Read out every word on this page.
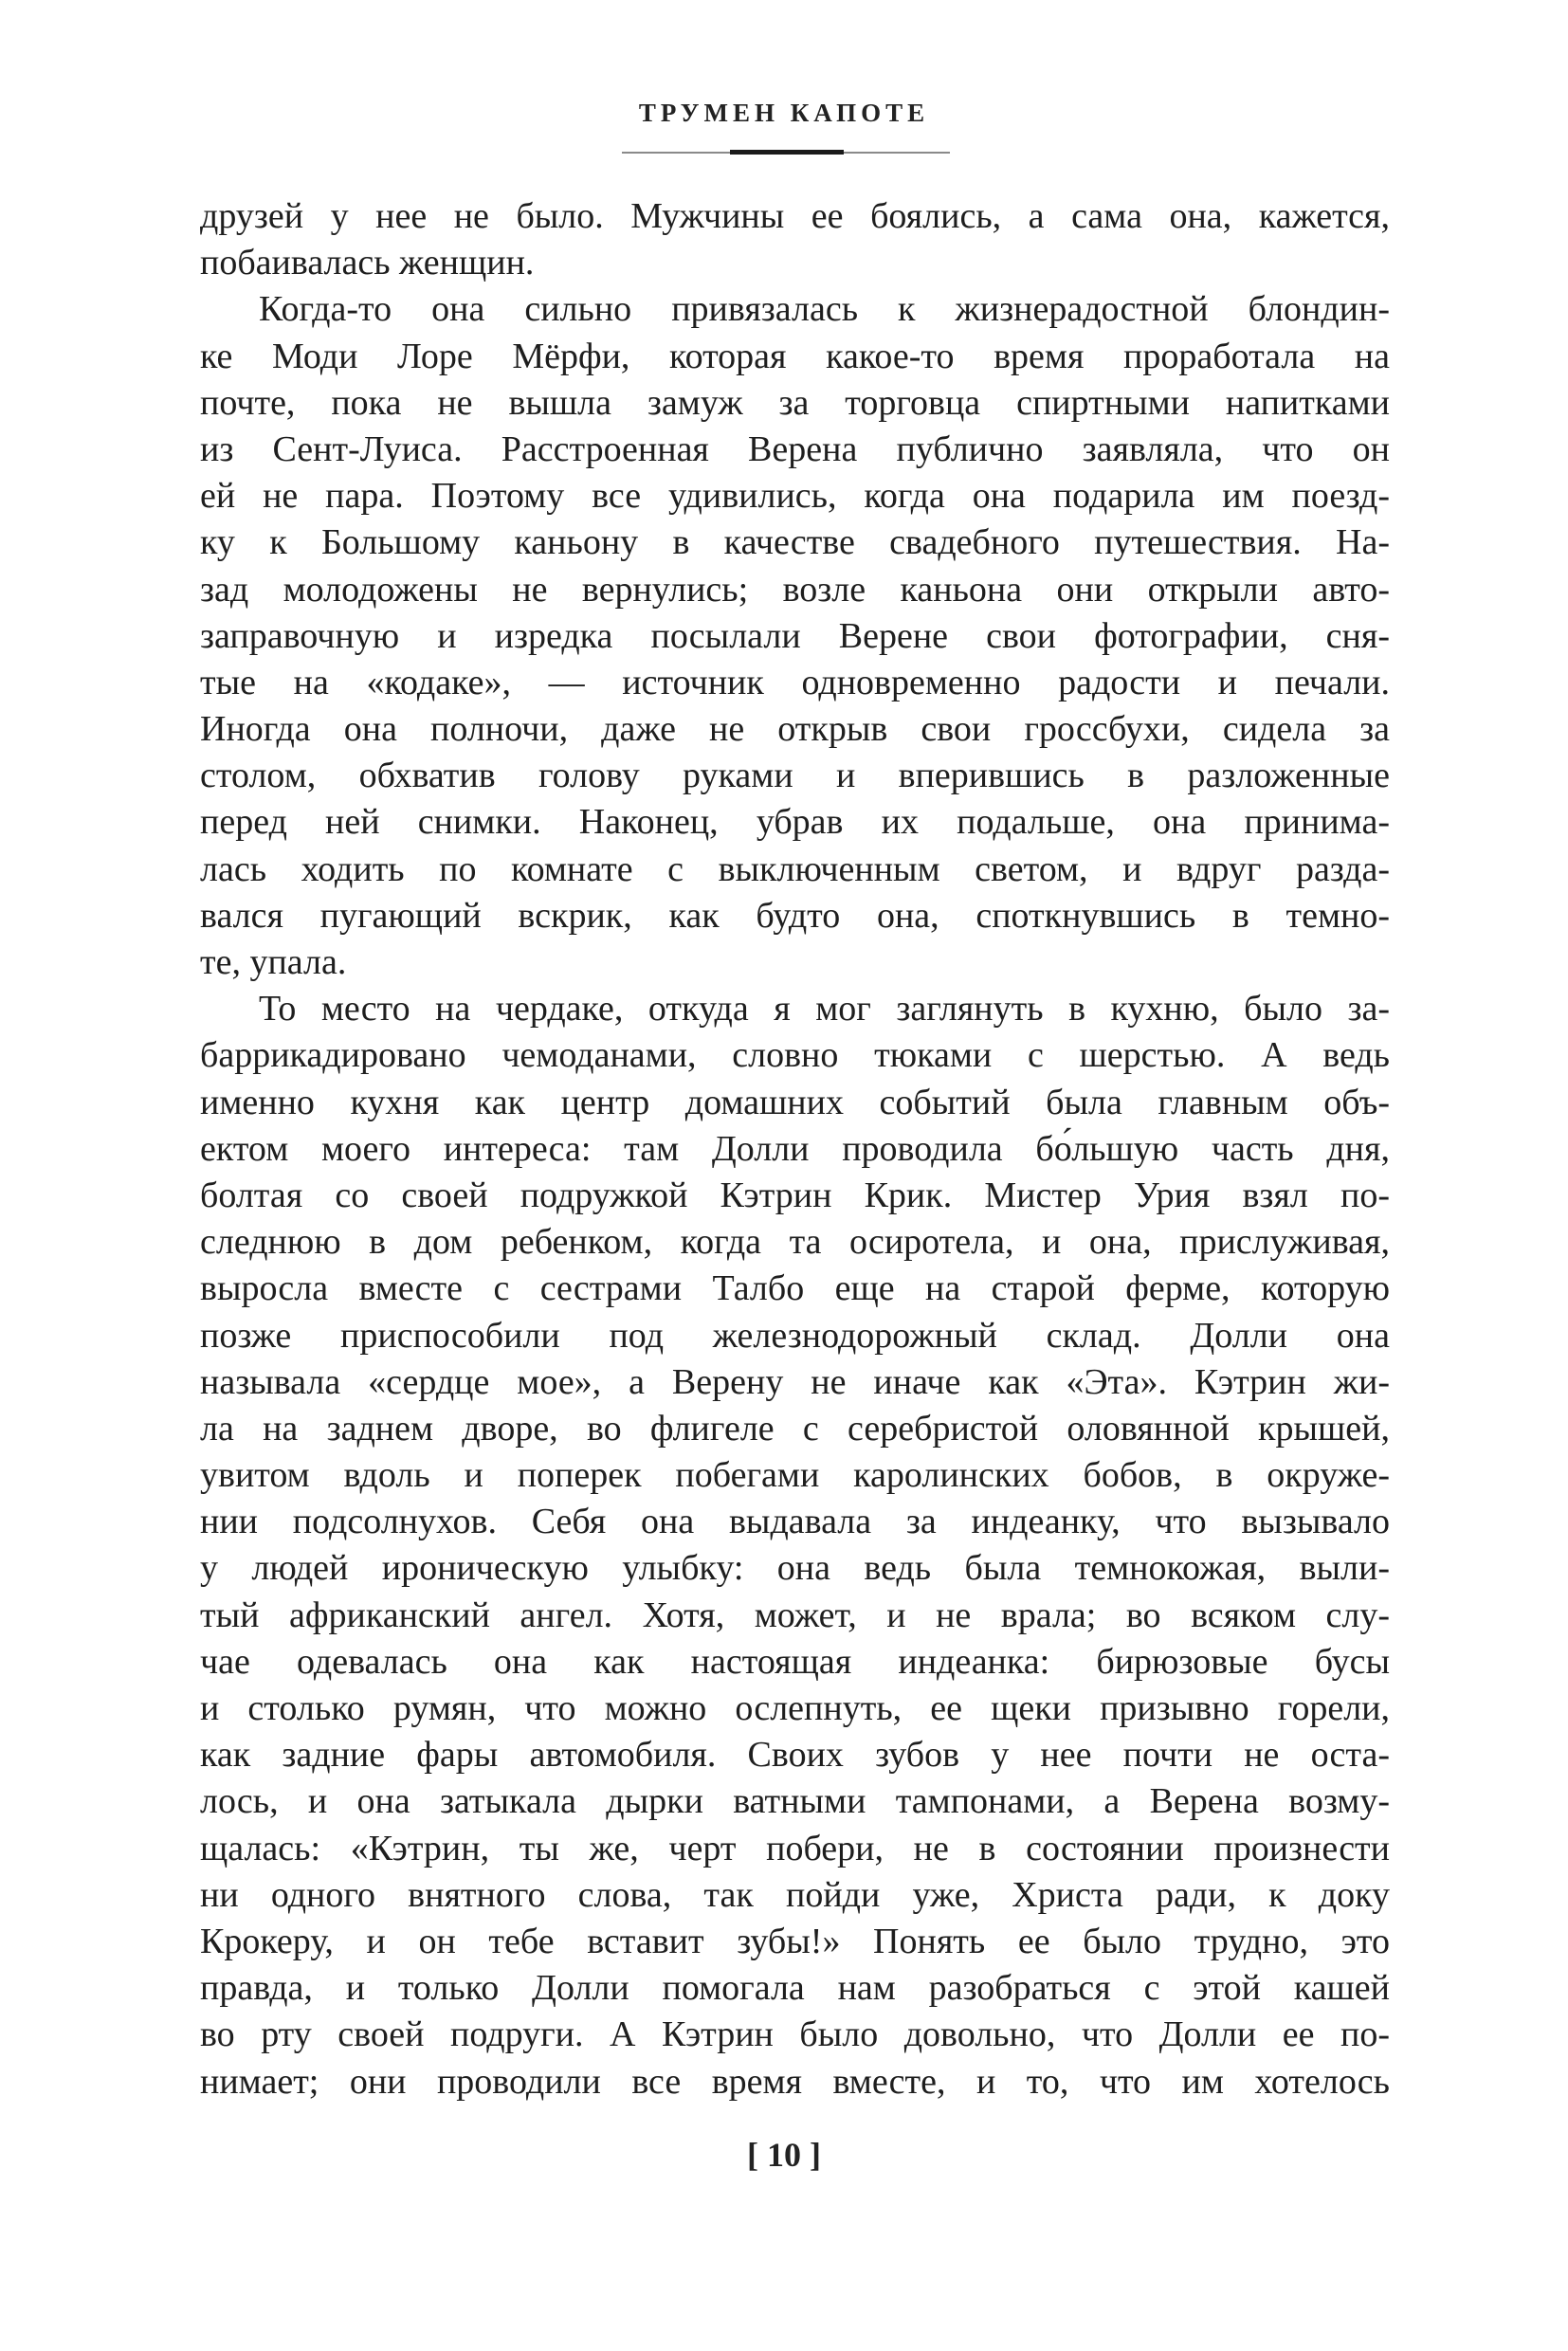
ТРУМЕН КАПОТЕ
друзей у нее не было. Мужчины ее боялись, а сама она, кажется,
побаивалась женщин.
Когда-то она сильно привязалась к жизнерадостной блондин-
ке Моди Лоре Мёрфи, которая какое-то время проработала на
почте, пока не вышла замуж за торговца спиртными напитками
из Сент-Луиса. Расстроенная Верена публично заявляла, что он
ей не пара. Поэтому все удивились, когда она подарила им поезд-
ку к Большому каньону в качестве свадебного путешествия. На-
зад молодожены не вернулись; возле каньона они открыли авто-
заправочную и изредка посылали Верене свои фотографии, сня-
тые на «кодаке», — источник одновременно радости и печали.
Иногда она полночи, даже не открыв свои гроссбухи, сидела за
столом, обхватив голову руками и вперившись в разложенные
перед ней снимки. Наконец, убрав их подальше, она принима-
лась ходить по комнате с выключенным светом, и вдруг разда-
вался пугающий вскрик, как будто она, споткнувшись в темно-
те, упала.
То место на чердаке, откуда я мог заглянуть в кухню, было за-
баррикадировано чемоданами, словно тюками с шерстью. А ведь
именно кухня как центр домашних событий была главным объ-
ектом моего интереса: там Долли проводила бо́льшую часть дня,
болтая со своей подружкой Кэтрин Крик. Мистер Урия взял по-
следнюю в дом ребенком, когда та осиротела, и она, прислуживая,
выросла вместе с сестрами Талбо еще на старой ферме, которую
позже приспособили под железнодорожный склад. Долли она
называла «сердце мое», а Верену не иначе как «Эта». Кэтрин жи-
ла на заднем дворе, во флигеле с серебристой оловянной крышей,
увитом вдоль и поперек побегами каролинских бобов, в окруже-
нии подсолнухов. Себя она выдавала за индеанку, что вызывало
у людей ироническую улыбку: она ведь была темнокожая, выли-
тый африканский ангел. Хотя, может, и не врала; во всяком слу-
чае одевалась она как настоящая индеанка: бирюзовые бусы
и столько румян, что можно ослепнуть, ее щеки призывно горели,
как задние фары автомобиля. Своих зубов у нее почти не оста-
лось, и она затыкала дырки ватными тампонами, а Верена возму-
щалась: «Кэтрин, ты же, черт побери, не в состоянии произнести
ни одного внятного слова, так пойди уже, Христа ради, к доку
Крокеру, и он тебе вставит зубы!» Понять ее было трудно, это
правда, и только Долли помогала нам разобраться с этой кашей
во рту своей подруги. А Кэтрин было довольно, что Долли ее по-
нимает; они проводили все время вместе, и то, что им хотелось
[ 10 ]
